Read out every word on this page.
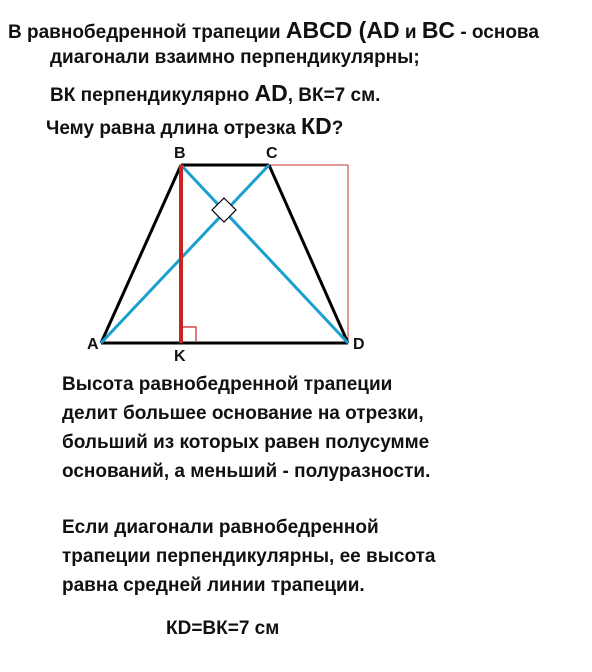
В равнобедренной трапеции ABCD (AD и BC - основа
диагонали взаимно перпендикулярны;
ВК перпендикулярно AD, ВК=7 см.
Чему равна длина отрезка КD?
B	C
A	D
K
Высота равнобедренной трапеции
делит большее основание на отрезки,
больший из которых равен полусумме
оснований, а меньший - полуразности.
Если диагонали равнобедренной
трапеции перпендикулярны, ее высота
равна средней линии трапеции.
КD=ВК=7 см
